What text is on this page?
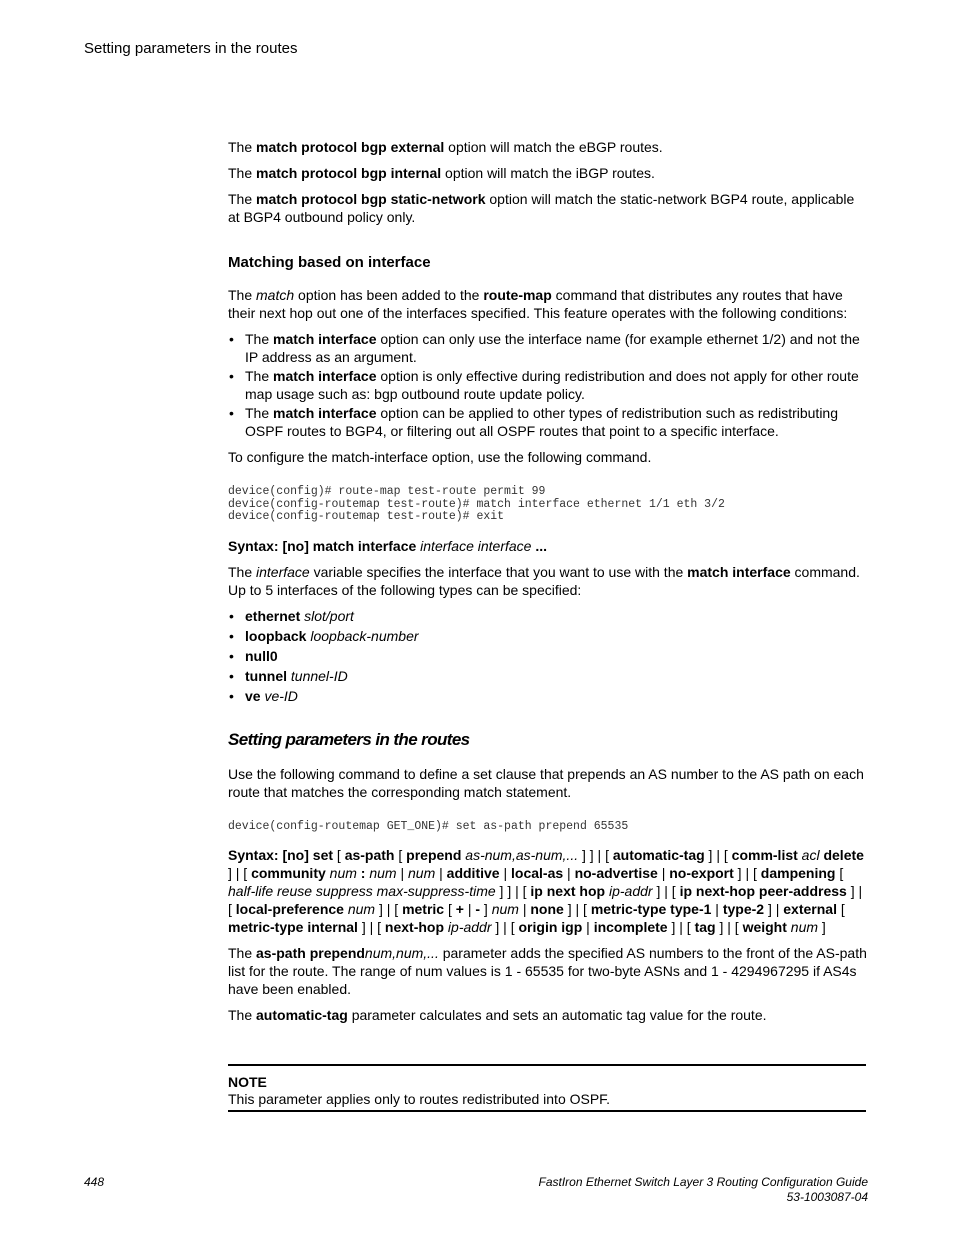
Setting parameters in the routes

The match protocol bgp external option will match the eBGP routes.

The match protocol bgp internal option will match the iBGP routes.

The match protocol bgp static-network option will match the static-network BGP4 route, applicable at BGP4 outbound policy only.

Matching based on interface

The match option has been added to the route-map command that distributes any routes that have their next hop out one of the interfaces specified. This feature operates with the following conditions:

• The match interface option can only use the interface name (for example ethernet 1/2) and not the IP address as an argument.
• The match interface option is only effective during redistribution and does not apply for other route map usage such as: bgp outbound route update policy.
• The match interface option can be applied to other types of redistribution such as redistributing OSPF routes to BGP4, or filtering out all OSPF routes that point to a specific interface.

To configure the match-interface option, use the following command.

device(config)# route-map test-route permit 99
device(config-routemap test-route)# match interface ethernet 1/1 eth 3/2
device(config-routemap test-route)# exit

Syntax: [no] match interface interface interface ...

The interface variable specifies the interface that you want to use with the match interface command. Up to 5 interfaces of the following types can be specified:

• ethernet slot/port
• loopback loopback-number
• null0
• tunnel tunnel-ID
• ve ve-ID
Setting parameters in the routes

Use the following command to define a set clause that prepends an AS number to the AS path on each route that matches the corresponding match statement.

device(config-routemap GET_ONE)# set as-path prepend 65535

Syntax: [no] set [ as-path [ prepend as-num,as-num,... ] ] | [ automatic-tag ] | [ comm-list acl delete ] | [ community num : num | num | additive | local-as | no-advertise | no-export ] | [ dampening [ half-life reuse suppress max-suppress-time ] ] | [ ip next hop ip-addr ] | [ ip next-hop peer-address ] | [ local-preference num ] | [ metric [ + | - ] num | none ] | [ metric-type type-1 | type-2 ] | external [ metric-type internal ] | [ next-hop ip-addr ] | [ origin igp | incomplete ] | [ tag ] | [ weight num ]

The as-path prependnum,num,... parameter adds the specified AS numbers to the front of the AS-path list for the route. The range of num values is 1 - 65535 for two-byte ASNs and 1 - 4294967295 if AS4s have been enabled.

The automatic-tag parameter calculates and sets an automatic tag value for the route.

NOTE
This parameter applies only to routes redistributed into OSPF.
448	FastIron Ethernet Switch Layer 3 Routing Configuration Guide
53-1003087-04
